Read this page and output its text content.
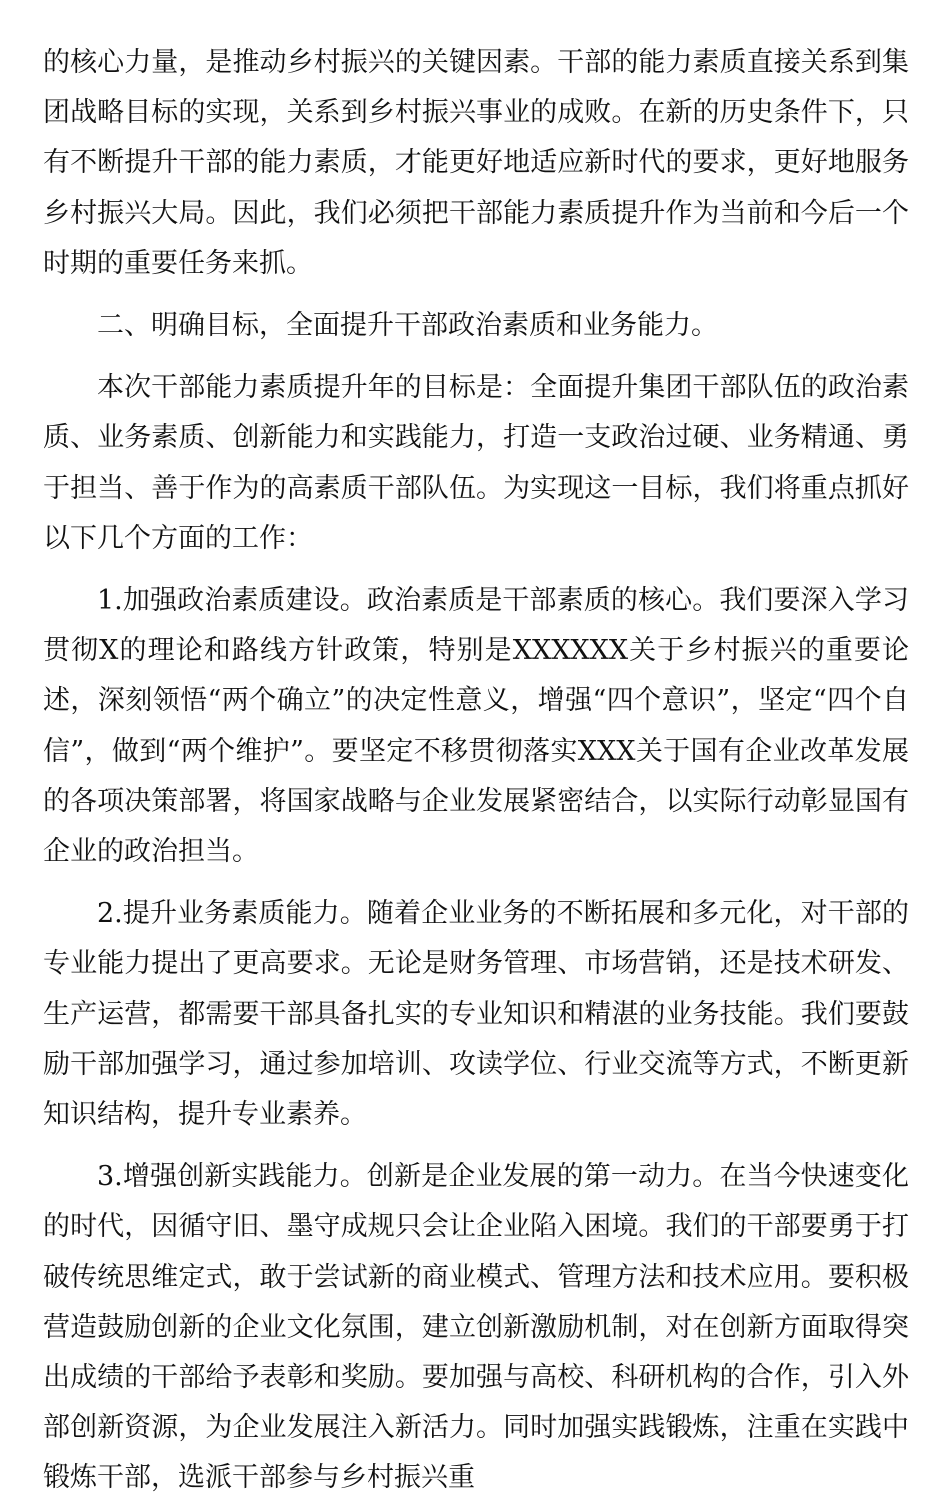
的核心力量，是推动乡村振兴的关键因素。干部的能力素质直接关系到集团战略目标的实现，关系到乡村振兴事业的成败。在新的历史条件下，只有不断提升干部的能力素质，才能更好地适应新时代的要求，更好地服务乡村振兴大局。因此，我们必须把干部能力素质提升作为当前和今后一个时期的重要任务来抓。

二、明确目标，全面提升干部政治素质和业务能力。

本次干部能力素质提升年的目标是：全面提升集团干部队伍的政治素质、业务素质、创新能力和实践能力，打造一支政治过硬、业务精通、勇于担当、善于作为的高素质干部队伍。为实现这一目标，我们将重点抓好以下几个方面的工作：

1.加强政治素质建设。政治素质是干部素质的核心。我们要深入学习贯彻X的理论和路线方针政策，特别是XXXXXX关于乡村振兴的重要论述，深刻领悟“两个确立”的决定性意义，增强“四个意识”，坚定“四个自信”，做到“两个维护”。要坚定不移贯彻落实XXX关于国有企业改革发展的各项决策部署，将国家战略与企业发展紧密结合，以实际行动彰显国有企业的政治担当。

2.提升业务素质能力。随着企业业务的不断拓展和多元化，对干部的专业能力提出了更高要求。无论是财务管理、市场营销，还是技术研发、生产运营，都需要干部具备扎实的专业知识和精湛的业务技能。我们要鼓励干部加强学习，通过参加培训、攻读学位、行业交流等方式，不断更新知识结构，提升专业素养。

3.增强创新实践能力。创新是企业发展的第一动力。在当今快速变化的时代，因循守旧、墨守成规只会让企业陷入困境。我们的干部要勇于打破传统思维定式，敢于尝试新的商业模式、管理方法和技术应用。要积极营造鼓励创新的企业文化氛围，建立创新激励机制，对在创新方面取得突出成绩的干部给予表彰和奖励。要加强与高校、科研机构的合作，引入外部创新资源，为企业发展注入新活力。同时加强实践锻炼，注重在实践中锻炼干部，选派干部参与乡村振兴重
